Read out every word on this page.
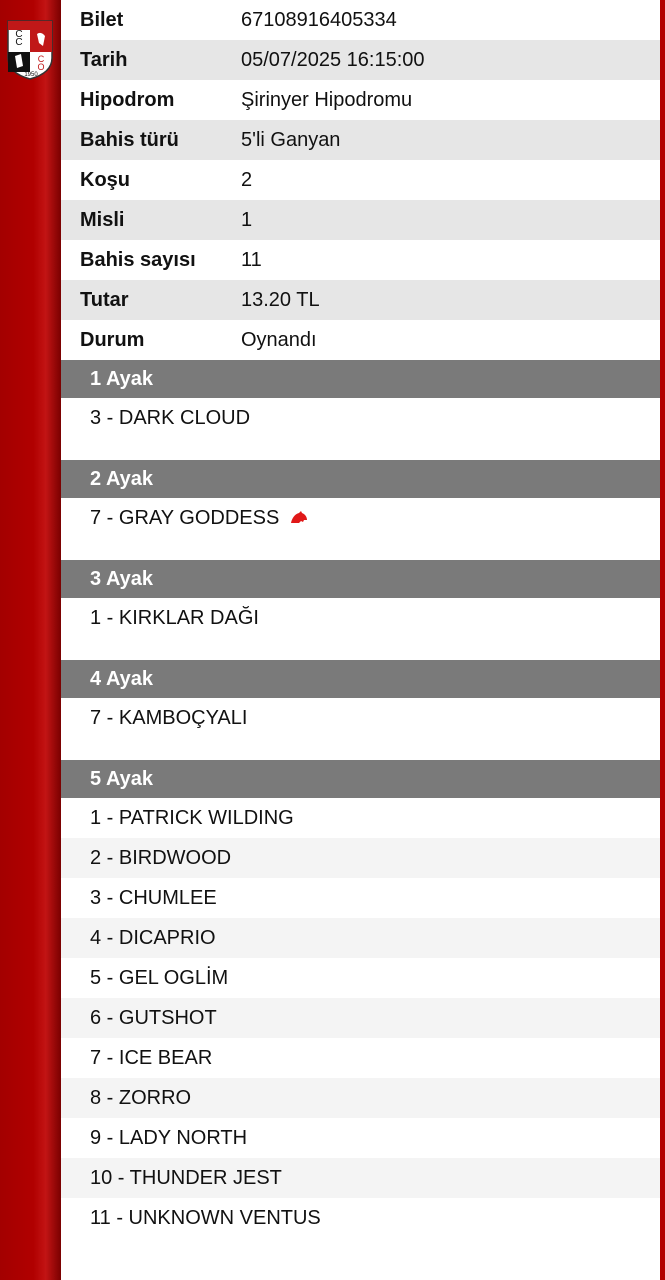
C
C
C
O
1950
Bilet	67108916405334
Tarih	05/07/2025 16:15:00
Hipodrom	Şirinyer Hipodromu
Bahis türü	5'li Ganyan
Koşu	2
Misli	1
Bahis sayısı	11
Tutar	13.20 TL
Durum	Oynandı
1 Ayak
3 - DARK CLOUD
2 Ayak
7 - GRAY GODDESS
3 Ayak
1 - KIRKLAR DAĞI
4 Ayak
7 - KAMBOÇYALI
5 Ayak
1 - PATRICK WILDING
2 - BIRDWOOD
3 - CHUMLEE
4 - DICAPRIO
5 - GEL OGLİM
6 - GUTSHOT
7 - ICE BEAR
8 - ZORRO
9 - LADY NORTH
10 - THUNDER JEST
11 - UNKNOWN VENTUS
